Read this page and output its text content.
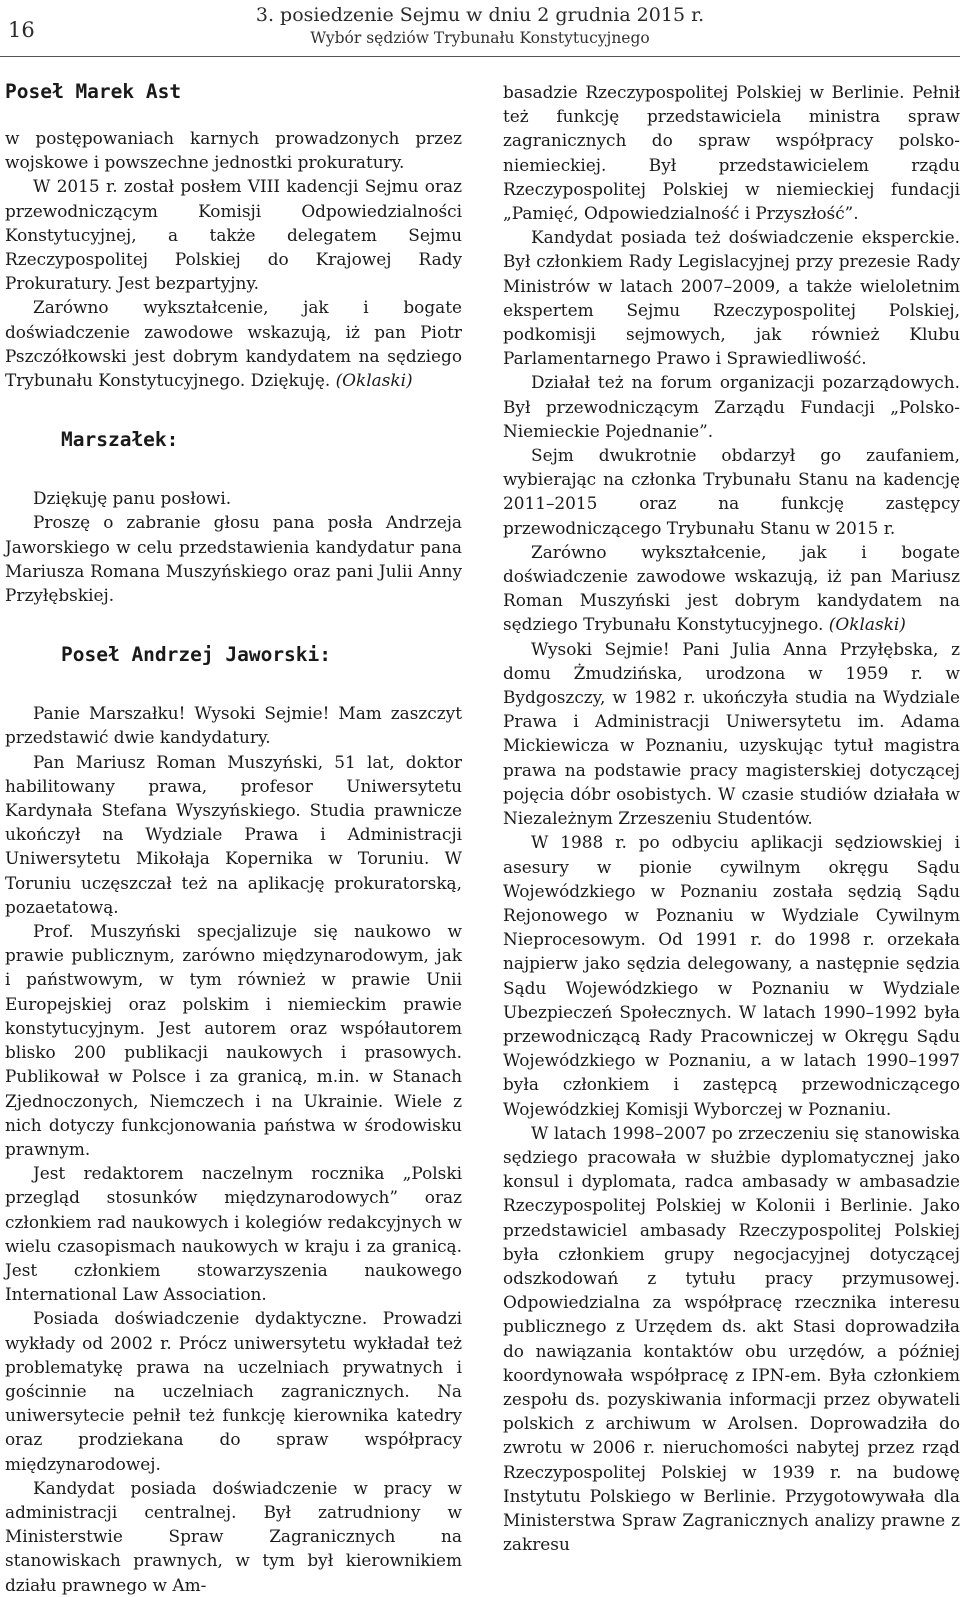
16
3. posiedzenie Sejmu w dniu 2 grudnia 2015 r.
Wybór sędziów Trybunału Konstytucyjnego

Poseł Marek Ast

w postępowaniach karnych prowadzonych przez wojskowe i powszechne jednostki prokuratury.

W 2015 r. został posłem VIII kadencji Sejmu oraz przewodniczącym Komisji Odpowiedzialności Konstytucyjnej, a także delegatem Sejmu Rzeczypospolitej Polskiej do Krajowej Rady Prokuratury. Jest bezpartyjny.

Zarówno wykształcenie, jak i bogate doświadczenie zawodowe wskazują, iż pan Piotr Pszczółkowski jest dobrym kandydatem na sędziego Trybunału Konstytucyjnego. Dziękuję. (Oklaski)

Marszałek:

Dziękuję panu posłowi.

Proszę o zabranie głosu pana posła Andrzeja Jaworskiego w celu przedstawienia kandydatur pana Mariusza Romana Muszyńskiego oraz pani Julii Anny Przyłębskiej.

Poseł Andrzej Jaworski:

Panie Marszałku! Wysoki Sejmie! Mam zaszczyt przedstawić dwie kandydatury.

Pan Mariusz Roman Muszyński, 51 lat, doktor habilitowany prawa, profesor Uniwersytetu Kardynała Stefana Wyszyńskiego. Studia prawnicze ukończył na Wydziale Prawa i Administracji Uniwersytetu Mikołaja Kopernika w Toruniu. W Toruniu uczęszczał też na aplikację prokuratorską, pozaetatową.

Prof. Muszyński specjalizuje się naukowo w prawie publicznym, zarówno międzynarodowym, jak i państwowym, w tym również w prawie Unii Europejskiej oraz polskim i niemieckim prawie konstytucyjnym. Jest autorem oraz współautorem blisko 200 publikacji naukowych i prasowych. Publikował w Polsce i za granicą, m.in. w Stanach Zjednoczonych, Niemczech i na Ukrainie. Wiele z nich dotyczy funkcjonowania państwa w środowisku prawnym.

Jest redaktorem naczelnym rocznika „Polski przegląd stosunków międzynarodowych” oraz członkiem rad naukowych i kolegiów redakcyjnych w wielu czasopismach naukowych w kraju i za granicą. Jest członkiem stowarzyszenia naukowego International Law Association.

Posiada doświadczenie dydaktyczne. Prowadzi wykłady od 2002 r. Prócz uniwersytetu wykładał też problematykę prawa na uczelniach prywatnych i gościnnie na uczelniach zagranicznych. Na uniwersytecie pełnił też funkcję kierownika katedry oraz prodziekana do spraw współpracy międzynarodowej.

Kandydat posiada doświadczenie w pracy w administracji centralnej. Był zatrudniony w Ministerstwie Spraw Zagranicznych na stanowiskach prawnych, w tym był kierownikiem działu prawnego w Am-

basadzie Rzeczypospolitej Polskiej w Berlinie. Pełnił też funkcję przedstawiciela ministra spraw zagranicznych do spraw współpracy polsko-niemieckiej. Był przedstawicielem rządu Rzeczypospolitej Polskiej w niemieckiej fundacji „Pamięć, Odpowiedzialność i Przyszłość”.

Kandydat posiada też doświadczenie eksperckie. Był członkiem Rady Legislacyjnej przy prezesie Rady Ministrów w latach 2007–2009, a także wieloletnim ekspertem Sejmu Rzeczypospolitej Polskiej, podkomisji sejmowych, jak również Klubu Parlamentarnego Prawo i Sprawiedliwość.

Działał też na forum organizacji pozarządowych. Był przewodniczącym Zarządu Fundacji „Polsko-Niemieckie Pojednanie”.

Sejm dwukrotnie obdarzył go zaufaniem, wybierając na członka Trybunału Stanu na kadencję 2011–2015 oraz na funkcję zastępcy przewodniczącego Trybunału Stanu w 2015 r.

Zarówno wykształcenie, jak i bogate doświadczenie zawodowe wskazują, iż pan Mariusz Roman Muszyński jest dobrym kandydatem na sędziego Trybunału Konstytucyjnego. (Oklaski)

Wysoki Sejmie! Pani Julia Anna Przyłębska, z domu Żmudzińska, urodzona w 1959 r. w Bydgoszczy, w 1982 r. ukończyła studia na Wydziale Prawa i Administracji Uniwersytetu im. Adama Mickiewicza w Poznaniu, uzyskując tytuł magistra prawa na podstawie pracy magisterskiej dotyczącej pojęcia dóbr osobistych. W czasie studiów działała w Niezależnym Zrzeszeniu Studentów.

W 1988 r. po odbyciu aplikacji sędziowskiej i asesury w pionie cywilnym okręgu Sądu Wojewódzkiego w Poznaniu została sędzią Sądu Rejonowego w Poznaniu w Wydziale Cywilnym Nieprocesowym. Od 1991 r. do 1998 r. orzekała najpierw jako sędzia delegowany, a następnie sędzia Sądu Wojewódzkiego w Poznaniu w Wydziale Ubezpieczeń Społecznych. W latach 1990–1992 była przewodniczącą Rady Pracowniczej w Okręgu Sądu Wojewódzkiego w Poznaniu, a w latach 1990–1997 była członkiem i zastępcą przewodniczącego Wojewódzkiej Komisji Wyborczej w Poznaniu.

W latach 1998–2007 po zrzeczeniu się stanowiska sędziego pracowała w służbie dyplomatycznej jako konsul i dyplomata, radca ambasady w ambasadzie Rzeczypospolitej Polskiej w Kolonii i Berlinie. Jako przedstawiciel ambasady Rzeczypospolitej Polskiej była członkiem grupy negocjacyjnej dotyczącej odszkodowań z tytułu pracy przymusowej. Odpowiedzialna za współpracę rzecznika interesu publicznego z Urzędem ds. akt Stasi doprowadziła do nawiązania kontaktów obu urzędów, a później koordynowała współpracę z IPN-em. Była członkiem zespołu ds. pozyskiwania informacji przez obywateli polskich z archiwum w Arolsen. Doprowadziła do zwrotu w 2006 r. nieruchomości nabytej przez rząd Rzeczypospolitej Polskiej w 1939 r. na budowę Instytutu Polskiego w Berlinie. Przygotowywała dla Ministerstwa Spraw Zagranicznych analizy prawne z zakresu
